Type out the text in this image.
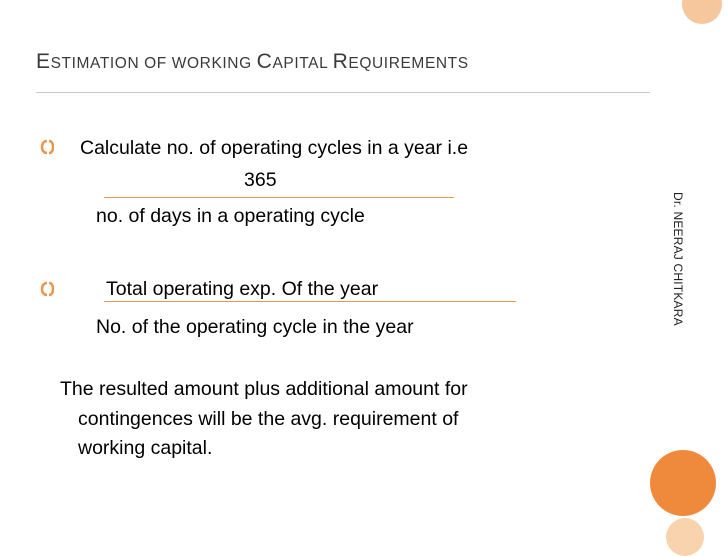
ESTIMATION OF WORKING CAPITAL REQUIREMENTS
Calculate no. of operating cycles in a year i.e
365
no. of days in a operating cycle
Total operating exp. Of the year
No. of the operating cycle in the year
The resulted amount plus additional amount for
contingences will be the avg. requirement of
working capital.
Dr. NEERAJ CHITKARA
